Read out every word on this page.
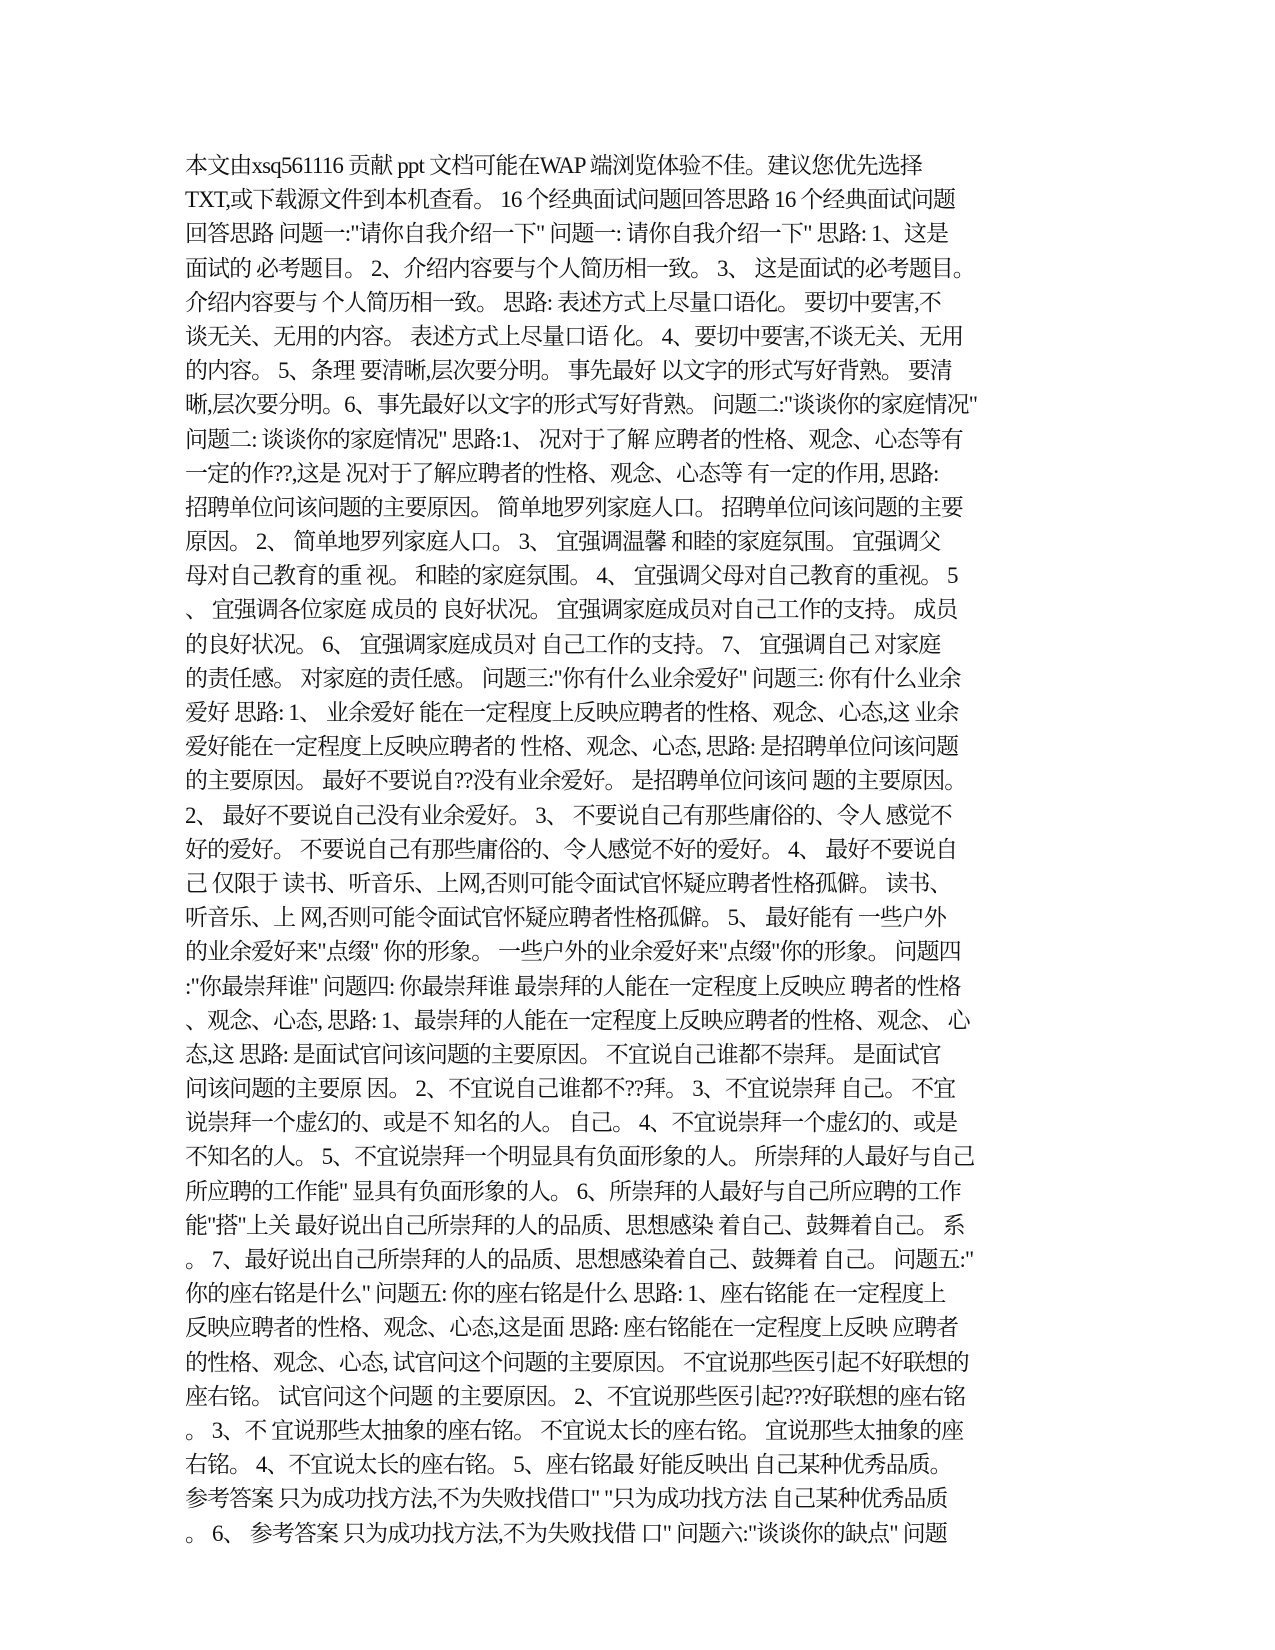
本文由xsq561116 贡献 ppt 文档可能在WAP 端浏览体验不佳。建议您优先选择
TXT,或下载源文件到本机查看。 16 个经典面试问题回答思路 16 个经典面试问题
回答思路 问题一:"请你自我介绍一下" 问题一: 请你自我介绍一下" 思路: 1、这是
面试的 必考题目。 2、介绍内容要与个人简历相一致。 3、 这是面试的必考题目。
介绍内容要与 个人简历相一致。 思路: 表述方式上尽量口语化。 要切中要害,不
谈无关、无用的内容。 表述方式上尽量口语 化。 4、要切中要害,不谈无关、无用
的内容。 5、条理 要清晰,层次要分明。 事先最好 以文字的形式写好背熟。 要清
晰,层次要分明。6、事先最好以文字的形式写好背熟。 问题二:"谈谈你的家庭情况"
问题二: 谈谈你的家庭情况" 思路:1、 况对于了解 应聘者的性格、观念、心态等有
一定的作??,这是 况对于了解应聘者的性格、观念、心态等 有一定的作用, 思路:
招聘单位问该问题的主要原因。 简单地罗列家庭人口。 招聘单位问该问题的主要
原因。 2、 简单地罗列家庭人口。 3、 宜强调温馨 和睦的家庭氛围。 宜强调父
母对自己教育的重 视。 和睦的家庭氛围。 4、 宜强调父母对自己教育的重视。 5
、 宜强调各位家庭 成员的 良好状况。 宜强调家庭成员对自己工作的支持。 成员
的良好状况。 6、 宜强调家庭成员对 自己工作的支持。 7、 宜强调自己 对家庭
的责任感。 对家庭的责任感。 问题三:"你有什么业余爱好" 问题三: 你有什么业余
爱好 思路: 1、 业余爱好 能在一定程度上反映应聘者的性格、观念、心态,这 业余
爱好能在一定程度上反映应聘者的 性格、观念、心态, 思路: 是招聘单位问该问题
的主要原因。 最好不要说自??没有业余爱好。 是招聘单位问该问 题的主要原因。
2、 最好不要说自己没有业余爱好。 3、 不要说自己有那些庸俗的、令人 感觉不
好的爱好。 不要说自己有那些庸俗的、令人感觉不好的爱好。 4、 最好不要说自
己 仅限于 读书、听音乐、上网,否则可能令面试官怀疑应聘者性格孤僻。 读书、
听音乐、上 网,否则可能令面试官怀疑应聘者性格孤僻。 5、 最好能有 一些户外
的业余爱好来"点缀" 你的形象。 一些户外的业余爱好来"点缀"你的形象。 问题四
:"你最崇拜谁" 问题四: 你最崇拜谁 最崇拜的人能在一定程度上反映应 聘者的性格
、观念、心态, 思路: 1、最崇拜的人能在一定程度上反映应聘者的性格、观念、 心
态,这 思路: 是面试官问该问题的主要原因。 不宜说自己谁都不崇拜。 是面试官
问该问题的主要原 因。 2、不宜说自己谁都不??拜。 3、不宜说崇拜 自己。 不宜
说崇拜一个虚幻的、或是不 知名的人。 自己。 4、不宜说崇拜一个虚幻的、或是
不知名的人。 5、不宜说崇拜一个明显具有负面形象的人。 所崇拜的人最好与自己
所应聘的工作能" 显具有负面形象的人。 6、所崇拜的人最好与自己所应聘的工作
能"搭"上关 最好说出自己所崇拜的人的品质、思想感染 着自己、鼓舞着自己。 系
。 7、最好说出自己所崇拜的人的品质、思想感染着自己、鼓舞着 自己。 问题五:"
你的座右铭是什么" 问题五: 你的座右铭是什么 思路: 1、座右铭能 在一定程度上
反映应聘者的性格、观念、心态,这是面 思路: 座右铭能在一定程度上反映 应聘者
的性格、观念、心态, 试官问这个问题的主要原因。 不宜说那些医引起不好联想的
座右铭。 试官问这个问题 的主要原因。 2、不宜说那些医引起???好联想的座右铭
。 3、不 宜说那些太抽象的座右铭。 不宜说太长的座右铭。 宜说那些太抽象的座
右铭。 4、不宜说太长的座右铭。 5、座右铭最 好能反映出 自己某种优秀品质。
参考答案 只为成功找方法,不为失败找借口" "只为成功找方法 自己某种优秀品质
。 6、 参考答案 只为成功找方法,不为失败找借 口" 问题六:"谈谈你的缺点" 问题
